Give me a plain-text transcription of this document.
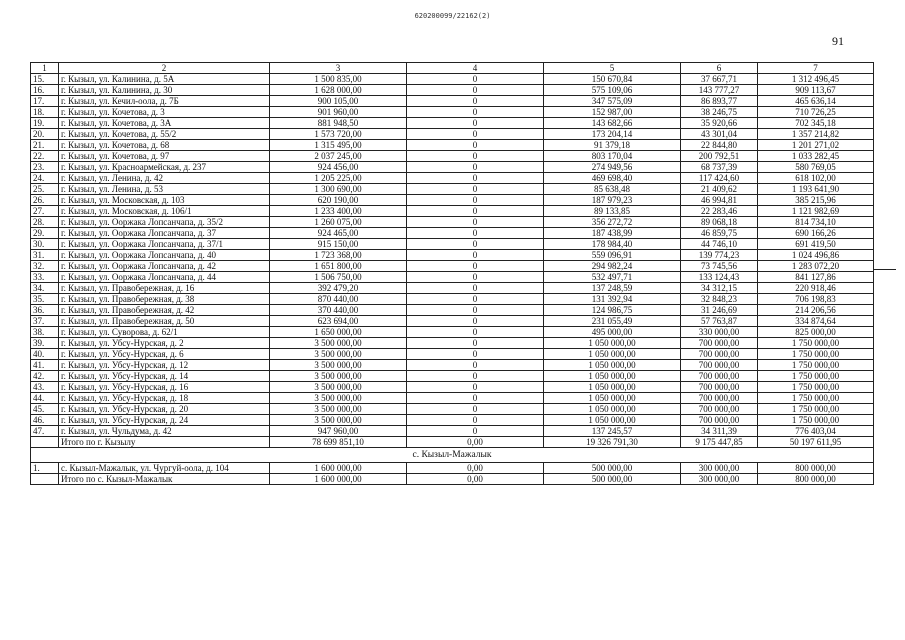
620200099/22162(2)
91
1	2	3	4	5	6	7
15.	г. Кызыл, ул. Калинина, д. 5А	1 500 835,00	0	150 670,84	37 667,71	1 312 496,45
16.	г. Кызыл, ул. Калинина, д. 30	1 628 000,00	0	575 109,06	143 777,27	909 113,67
17.	г. Кызыл, ул. Кечил-оола, д. 7Б	900 105,00	0	347 575,09	86 893,77	465 636,14
18.	г. Кызыл, ул. Кочетова, д. 3	901 960,00	0	152 987,00	38 246,75	710 726,25
19.	г. Кызыл, ул. Кочетова, д. 3А	881 948,50	0	143 682,66	35 920,66	702 345,18
20.	г. Кызыл, ул. Кочетова, д. 55/2	1 573 720,00	0	173 204,14	43 301,04	1 357 214,82
21.	г. Кызыл, ул. Кочетова, д. 68	1 315 495,00	0	91 379,18	22 844,80	1 201 271,02
22.	г. Кызыл, ул. Кочетова, д. 97	2 037 245,00	0	803 170,04	200 792,51	1 033 282,45
23.	г. Кызыл, ул. Красноармейская, д. 237	924 456,00	0	274 949,56	68 737,39	580 769,05
24.	г. Кызыл, ул. Ленина, д. 42	1 205 225,00	0	469 698,40	117 424,60	618 102,00
25.	г. Кызыл, ул. Ленина, д. 53	1 300 690,00	0	85 638,48	21 409,62	1 193 641,90
26.	г. Кызыл, ул. Московская, д. 103	620 190,00	0	187 979,23	46 994,81	385 215,96
27.	г. Кызыл, ул. Московская, д. 106/1	1 233 400,00	0	89 133,85	22 283,46	1 121 982,69
28.	г. Кызыл, ул. Ооржака Лопсанчапа, д. 35/2	1 260 075,00	0	356 272,72	89 068,18	814 734,10
29.	г. Кызыл, ул. Ооржака Лопсанчапа, д. 37	924 465,00	0	187 438,99	46 859,75	690 166,26
30.	г. Кызыл, ул. Ооржака Лопсанчапа, д. 37/1	915 150,00	0	178 984,40	44 746,10	691 419,50
31.	г. Кызыл, ул. Ооржака Лопсанчапа, д. 40	1 723 368,00	0	559 096,91	139 774,23	1 024 496,86
32.	г. Кызыл, ул. Ооржака Лопсанчапа, д. 42	1 651 800,00	0	294 982,24	73 745,56	1 283 072,20
33.	г. Кызыл, ул. Ооржака Лопсанчапа, д. 44	1 506 750,00	0	532 497,71	133 124,43	841 127,86
34.	г. Кызыл, ул. Правобережная, д. 16	392 479,20	0	137 248,59	34 312,15	220 918,46
35.	г. Кызыл, ул. Правобережная, д. 38	870 440,00	0	131 392,94	32 848,23	706 198,83
36.	г. Кызыл, ул. Правобережная, д. 42	370 440,00	0	124 986,75	31 246,69	214 206,56
37.	г. Кызыл, ул. Правобережная, д. 50	623 694,00	0	231 055,49	57 763,87	334 874,64
38.	г. Кызыл, ул. Суворова, д. 62/1	1 650 000,00	0	495 000,00	330 000,00	825 000,00
39.	г. Кызыл, ул. Убсу-Нурская, д. 2	3 500 000,00	0	1 050 000,00	700 000,00	1 750 000,00
40.	г. Кызыл, ул. Убсу-Нурская, д. 6	3 500 000,00	0	1 050 000,00	700 000,00	1 750 000,00
41.	г. Кызыл, ул. Убсу-Нурская, д. 12	3 500 000,00	0	1 050 000,00	700 000,00	1 750 000,00
42.	г. Кызыл, ул. Убсу-Нурская, д. 14	3 500 000,00	0	1 050 000,00	700 000,00	1 750 000,00
43.	г. Кызыл, ул. Убсу-Нурская, д. 16	3 500 000,00	0	1 050 000,00	700 000,00	1 750 000,00
44.	г. Кызыл, ул. Убсу-Нурская, д. 18	3 500 000,00	0	1 050 000,00	700 000,00	1 750 000,00
45.	г. Кызыл, ул. Убсу-Нурская, д. 20	3 500 000,00	0	1 050 000,00	700 000,00	1 750 000,00
46.	г. Кызыл, ул. Убсу-Нурская, д. 24	3 500 000,00	0	1 050 000,00	700 000,00	1 750 000,00
47.	г. Кызыл, ул. Чульдума, д. 42	947 960,00	0	137 245,57	34 311,39	776 403,04
	Итого по г. Кызылу	78 699 851,10	0,00	19 326 791,30	9 175 447,85	50 197 611,95
с. Кызыл-Мажалык						
1.	с. Кызыл-Мажалык, ул. Чургуй-оола, д. 104	1 600 000,00	0,00	500 000,00	300 000,00	800 000,00
	Итого по с. Кызыл-Мажалык	1 600 000,00	0,00	500 000,00	300 000,00	800 000,00
